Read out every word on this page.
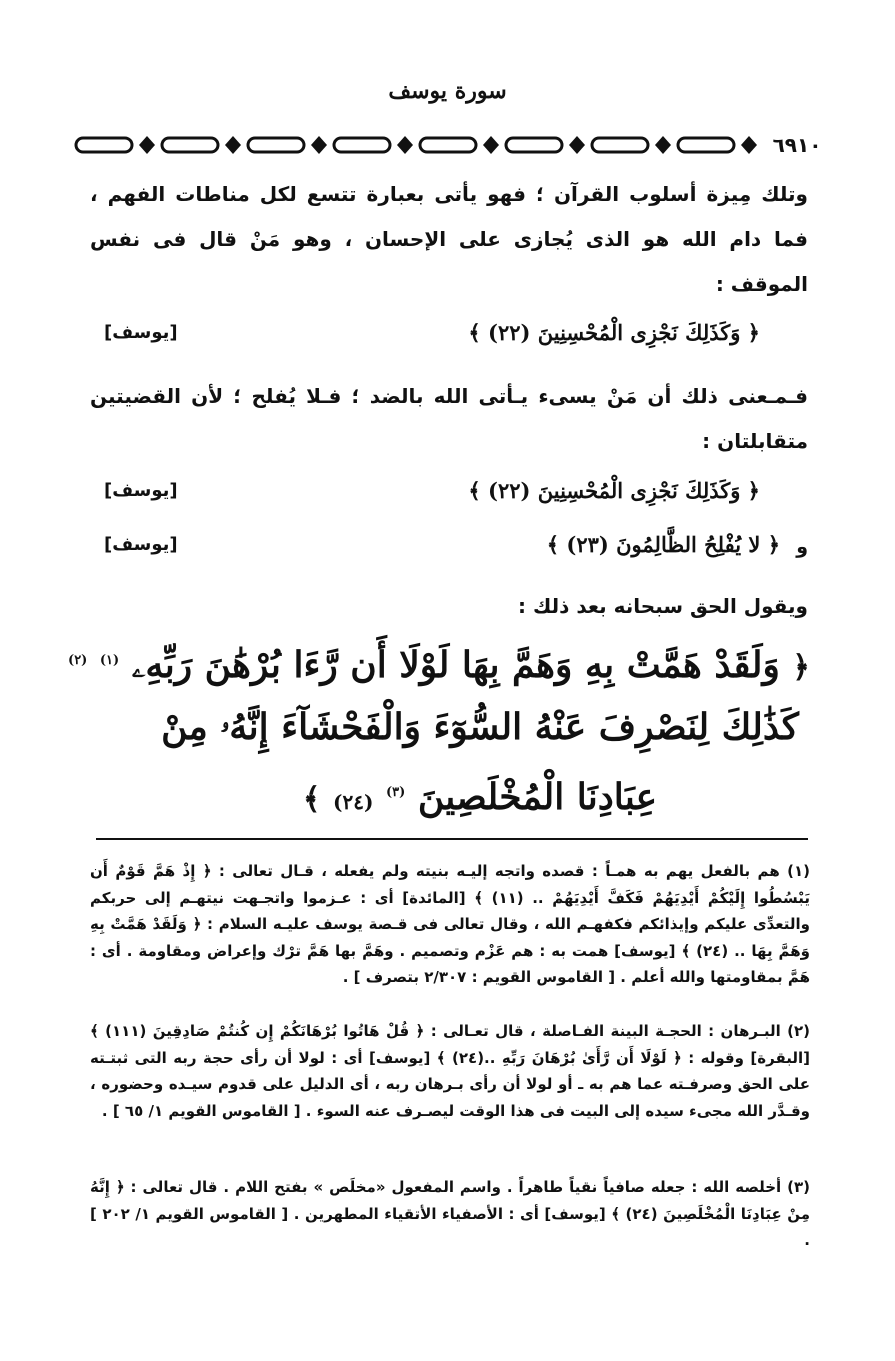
سورة يوسف
٦٩١٠
وتلك مِيزة أسلوب القرآن ؛ فهو يأتى بعبارة تتسع لكل مناطات الفهم ، فما دام الله هو الذى يُجازى على الإحسان ، وهو مَنْ قال فى نفس الموقف :
﴿ وَكَذَلِكَ نَجْزِى الْمُحْسِنِينَ (٢٢) ﴾
[يوسف]
فـمـعنى ذلك أن مَنْ يسىء يـأتى الله بالضد ؛ فـلا يُفلح ؛ لأن القضيتين متقابلتان :
﴿ وَكَذَلِكَ نَجْزِى الْمُحْسِنِينَ (٢٢) ﴾
[يوسف]
و
﴿ لا يُفْلِحُ الظَّالِمُونَ (٢٣) ﴾
[يوسف]
ويقول الحق سبحانه بعد ذلك :
﴿ وَلَقَدْ هَمَّتْ بِهِ وَهَمَّ بِهَا لَوْلَا أَن رَّءَا بُرْهَٰنَ رَبِّهِۦ $^{(١)}$ $^{(٢)}$
كَذَٰلِكَ لِنَصْرِفَ عَنْهُ السُّوٓءَ وَالْفَحْشَآءَ إِنَّهُۥ مِنْ
عِبَادِنَا الْمُخْلَصِينَ $^{(٣)}$ (٢٤) ﴾
(١) هم بالفعل يهم به همـاً : قصده واتجه إليـه بنيته ولم يفعله ، قـال تعالى : ﴿ إِذْ هَمَّ قَوْمٌ أَن يَبْسُطُوا إِلَيْكُمْ أَيْدِيَهُمْ فَكَفَّ أَيْدِيَهُمْ .. (١١) ﴾ [المائدة] أى : عـزموا واتجـهت نيتهـم إلى حربكم والتعدِّى عليكم وإيذائكم فكفهـم الله ، وقال تعالى فى قـصة يوسف عليـه السلام : ﴿ وَلَقَدْ هَمَّتْ بِهِ وَهَمَّ بِهَا .. (٢٤) ﴾ [يوسف] همت به : هم عَزْم وتصميم . وهَمَّ بها هَمَّ ترْك وإعراض ومقاومة . أى : هَمَّ بمقاومتها والله أعلم . [ القاموس القويم : ٢/٣٠٧ بتصرف ] .
(٢) البـرهان : الحجـة البينة الفـاصلة ، قال تعـالى : ﴿ قُلْ هَاتُوا بُرْهَانَكُمْ إِن كُنتُمْ صَادِقِينَ (١١١) ﴾ [البقرة] وقوله : ﴿ لَوْلَا أَن رَّأَىٰ بُرْهَانَ رَبِّهِ ..(٢٤) ﴾ [يوسف] أى : لولا أن رأى حجة ربه التى ثبتـته على الحق وصرفـته عما هم به ـ أو لولا أن رأى بـرهان ربه ، أى الدليل على قدوم سيـده وحضوره ، وقـدَّر الله مجىء سيده إلى البيت فى هذا الوقت ليصـرف عنه السوء . [ القاموس القويم ١/ ٦٥ ] .
(٣) أخلصه الله : جعله صافياً نقياً طاهراً . واسم المفعول «مخلَص » بفتح اللام . قال تعالى : ﴿ إِنَّهُ مِنْ عِبَادِنَا الْمُخْلَصِينَ (٢٤) ﴾ [يوسف] أى : الأصفياء الأتقياء المطهرين . [ القاموس القويم ١/ ٢٠٢ ] .
